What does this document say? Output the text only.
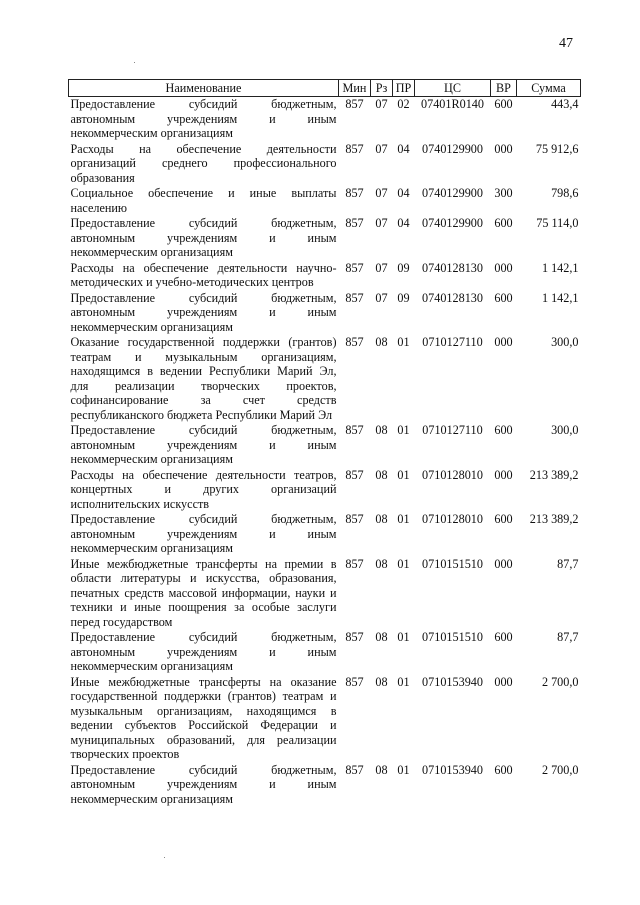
47
Наименование	Мин	Рз	ПР	ЦС	ВР	Сумма
Предоставление субсидий бюджетным, автономным учреждениям и иным некоммерческим организациям	857	07	02	07401R0140	600	443,4
Расходы на обеспечение деятельности организаций среднего профессионального образования	857	07	04	0740129900	000	75 912,6
Социальное обеспечение и иные выплаты населению	857	07	04	0740129900	300	798,6
Предоставление субсидий бюджетным, автономным учреждениям и иным некоммерческим организациям	857	07	04	0740129900	600	75 114,0
Расходы на обеспечение деятельности научно-методических и учебно-методических центров	857	07	09	0740128130	000	1 142,1
Предоставление субсидий бюджетным, автономным учреждениям и иным некоммерческим организациям	857	07	09	0740128130	600	1 142,1
Оказание государственной поддержки (грантов) театрам и музыкальным организациям, находящимся в ведении Республики Марий Эл, для реализации творческих проектов, софинансирование за счет средств республиканского бюджета Республики Марий Эл	857	08	01	0710127110	000	300,0
Предоставление субсидий бюджетным, автономным учреждениям и иным некоммерческим организациям	857	08	01	0710127110	600	300,0
Расходы на обеспечение деятельности театров, концертных и других организаций исполнительских искусств	857	08	01	0710128010	000	213 389,2
Предоставление субсидий бюджетным, автономным учреждениям и иным некоммерческим организациям	857	08	01	0710128010	600	213 389,2
Иные межбюджетные трансферты на премии в области литературы и искусства, образования, печатных средств массовой информации, науки и техники и иные поощрения за особые заслуги перед государством	857	08	01	0710151510	000	87,7
Предоставление субсидий бюджетным, автономным учреждениям и иным некоммерческим организациям	857	08	01	0710151510	600	87,7
Иные межбюджетные трансферты на оказание государственной поддержки (грантов) театрам и музыкальным организациям, находящимся в ведении субъектов Российской Федерации и муниципальных образований, для реализации творческих проектов	857	08	01	0710153940	000	2 700,0
Предоставление субсидий бюджетным, автономным учреждениям и иным некоммерческим организациям	857	08	01	0710153940	600	2 700,0
